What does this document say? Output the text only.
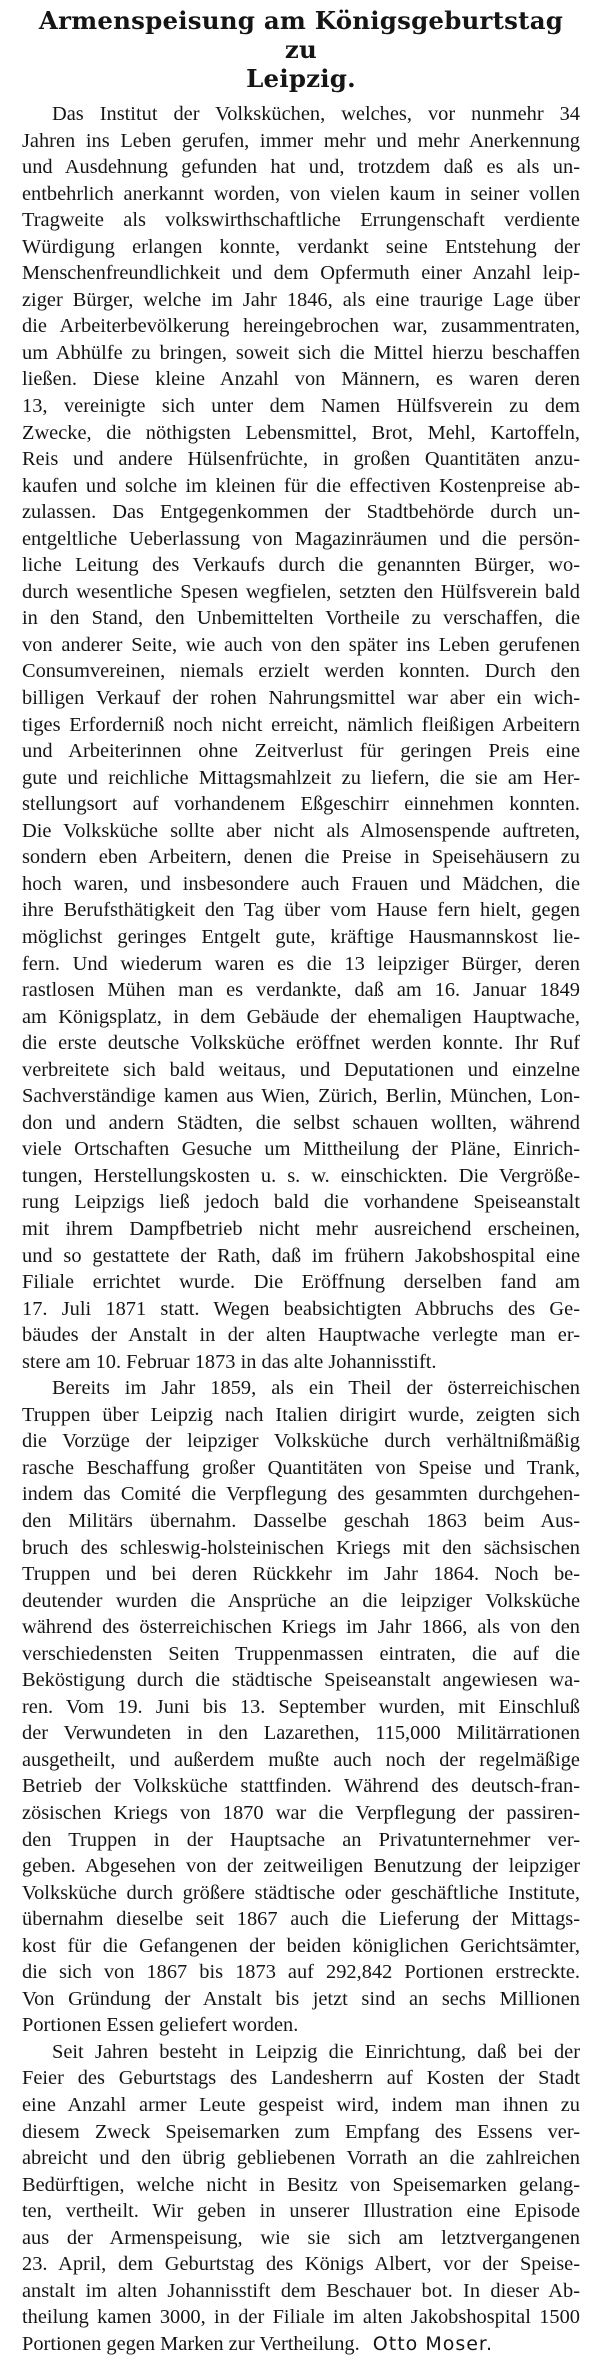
Armenspeisung am Königsgeburtstag zu
Leipzig.
Das Institut der Volksküchen, welches, vor nunmehr 34
Jahren ins Leben gerufen, immer mehr und mehr Anerkennung
und Ausdehnung gefunden hat und, trotzdem daß es als un-
entbehrlich anerkannt worden, von vielen kaum in seiner vollen
Tragweite als volkswirthschaftliche Errungenschaft verdiente
Würdigung erlangen konnte, verdankt seine Entstehung der
Menschenfreundlichkeit und dem Opfermuth einer Anzahl leip-
ziger Bürger, welche im Jahr 1846, als eine traurige Lage über
die Arbeiterbevölkerung hereingebrochen war, zusammentraten,
um Abhülfe zu bringen, soweit sich die Mittel hierzu beschaffen
ließen. Diese kleine Anzahl von Männern, es waren deren
13, vereinigte sich unter dem Namen Hülfsverein zu dem
Zwecke, die nöthigsten Lebensmittel, Brot, Mehl, Kartoffeln,
Reis und andere Hülsenfrüchte, in großen Quantitäten anzu-
kaufen und solche im kleinen für die effectiven Kostenpreise ab-
zulassen. Das Entgegenkommen der Stadtbehörde durch un-
entgeltliche Ueberlassung von Magazinräumen und die persön-
liche Leitung des Verkaufs durch die genannten Bürger, wo-
durch wesentliche Spesen wegfielen, setzten den Hülfsverein bald
in den Stand, den Unbemittelten Vortheile zu verschaffen, die
von anderer Seite, wie auch von den später ins Leben gerufenen
Consumvereinen, niemals erzielt werden konnten. Durch den
billigen Verkauf der rohen Nahrungsmittel war aber ein wich-
tiges Erforderniß noch nicht erreicht, nämlich fleißigen Arbeitern
und Arbeiterinnen ohne Zeitverlust für geringen Preis eine
gute und reichliche Mittagsmahlzeit zu liefern, die sie am Her-
stellungsort auf vorhandenem Eßgeschirr einnehmen konnten.
Die Volksküche sollte aber nicht als Almosenspende auftreten,
sondern eben Arbeitern, denen die Preise in Speisehäusern zu
hoch waren, und insbesondere auch Frauen und Mädchen, die
ihre Berufsthätigkeit den Tag über vom Hause fern hielt, gegen
möglichst geringes Entgelt gute, kräftige Hausmannskost lie-
fern. Und wiederum waren es die 13 leipziger Bürger, deren
rastlosen Mühen man es verdankte, daß am 16. Januar 1849
am Königsplatz, in dem Gebäude der ehemaligen Hauptwache,
die erste deutsche Volksküche eröffnet werden konnte. Ihr Ruf
verbreitete sich bald weitaus, und Deputationen und einzelne
Sachverständige kamen aus Wien, Zürich, Berlin, München, Lon-
don und andern Städten, die selbst schauen wollten, während
viele Ortschaften Gesuche um Mittheilung der Pläne, Einrich-
tungen, Herstellungskosten u. s. w. einschickten. Die Vergröße-
rung Leipzigs ließ jedoch bald die vorhandene Speiseanstalt
mit ihrem Dampfbetrieb nicht mehr ausreichend erscheinen,
und so gestattete der Rath, daß im frühern Jakobshospital eine
Filiale errichtet wurde. Die Eröffnung derselben fand am
17. Juli 1871 statt. Wegen beabsichtigten Abbruchs des Ge-
bäudes der Anstalt in der alten Hauptwache verlegte man er-
stere am 10. Februar 1873 in das alte Johannisstift.
Bereits im Jahr 1859, als ein Theil der österreichischen
Truppen über Leipzig nach Italien dirigirt wurde, zeigten sich
die Vorzüge der leipziger Volksküche durch verhältnißmäßig
rasche Beschaffung großer Quantitäten von Speise und Trank,
indem das Comité die Verpflegung des gesammten durchgehen-
den Militärs übernahm. Dasselbe geschah 1863 beim Aus-
bruch des schleswig-holsteinischen Kriegs mit den sächsischen
Truppen und bei deren Rückkehr im Jahr 1864. Noch be-
deutender wurden die Ansprüche an die leipziger Volksküche
während des österreichischen Kriegs im Jahr 1866, als von den
verschiedensten Seiten Truppenmassen eintraten, die auf die
Beköstigung durch die städtische Speiseanstalt angewiesen wa-
ren. Vom 19. Juni bis 13. September wurden, mit Einschluß
der Verwundeten in den Lazarethen, 115,000 Militärrationen
ausgetheilt, und außerdem mußte auch noch der regelmäßige
Betrieb der Volksküche stattfinden. Während des deutsch-fran-
zösischen Kriegs von 1870 war die Verpflegung der passiren-
den Truppen in der Hauptsache an Privatunternehmer ver-
geben. Abgesehen von der zeitweiligen Benutzung der leipziger
Volksküche durch größere städtische oder geschäftliche Institute,
übernahm dieselbe seit 1867 auch die Lieferung der Mittags-
kost für die Gefangenen der beiden königlichen Gerichtsämter,
die sich von 1867 bis 1873 auf 292,842 Portionen erstreckte.
Von Gründung der Anstalt bis jetzt sind an sechs Millionen
Portionen Essen geliefert worden.
Seit Jahren besteht in Leipzig die Einrichtung, daß bei der
Feier des Geburtstags des Landesherrn auf Kosten der Stadt
eine Anzahl armer Leute gespeist wird, indem man ihnen zu
diesem Zweck Speisemarken zum Empfang des Essens ver-
abreicht und den übrig gebliebenen Vorrath an die zahlreichen
Bedürftigen, welche nicht in Besitz von Speisemarken gelang-
ten, vertheilt. Wir geben in unserer Illustration eine Episode
aus der Armenspeisung, wie sie sich am letztvergangenen
23. April, dem Geburtstag des Königs Albert, vor der Speise-
anstalt im alten Johannisstift dem Beschauer bot. In dieser Ab-
theilung kamen 3000, in der Filiale im alten Jakobshospital 1500
Portionen gegen Marken zur Vertheilung. Otto Moser.
